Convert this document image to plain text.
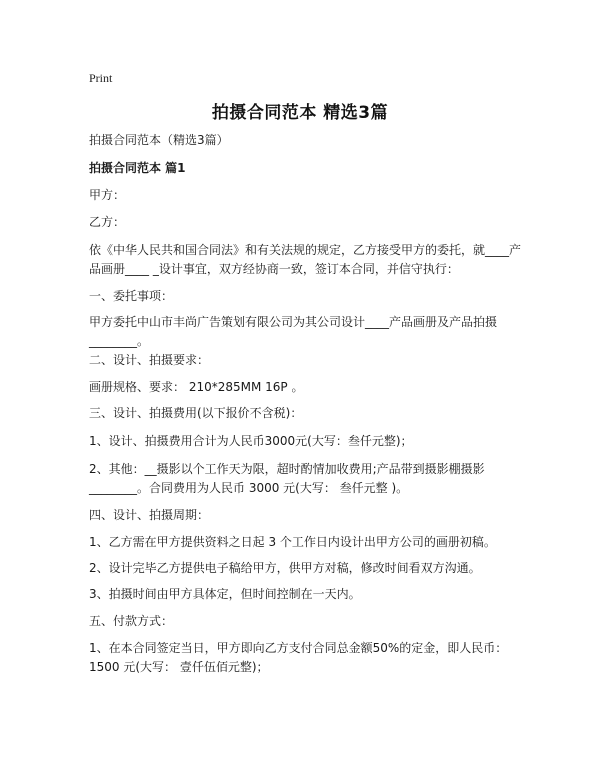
Print
拍摄合同范本 精选3篇
拍摄合同范本（精选3篇）
拍摄合同范本 篇1
甲方：
乙方：
依《中华人民共和国合同法》和有关法规的规定，乙方接受甲方的委托，就____产
品画册____ _设计事宜，双方经协商一致，签订本合同，并信守执行：
一、委托事项：
甲方委托中山市丰尚广告策划有限公司为其公司设计____产品画册及产品拍摄
________。
二、设计、拍摄要求：
画册规格、要求： 210*285MM 16P 。
三、设计、拍摄费用(以下报价不含税)：
1、设计、拍摄费用合计为人民币3000元(大写：叁仟元整)；
2、其他：__摄影以个工作天为限，超时酌情加收费用;产品带到摄影棚摄影
________。合同费用为人民币 3000 元(大写： 叁仟元整 )。
四、设计、拍摄周期：
1、乙方需在甲方提供资料之日起 3 个工作日内设计出甲方公司的画册初稿。
2、设计完毕乙方提供电子稿给甲方，供甲方对稿，修改时间看双方沟通。
3、拍摄时间由甲方具体定，但时间控制在一天内。
五、付款方式：
1、在本合同签定当日，甲方即向乙方支付合同总金额50%的定金，即人民币：
1500 元(大写： 壹仟伍佰元整)；
